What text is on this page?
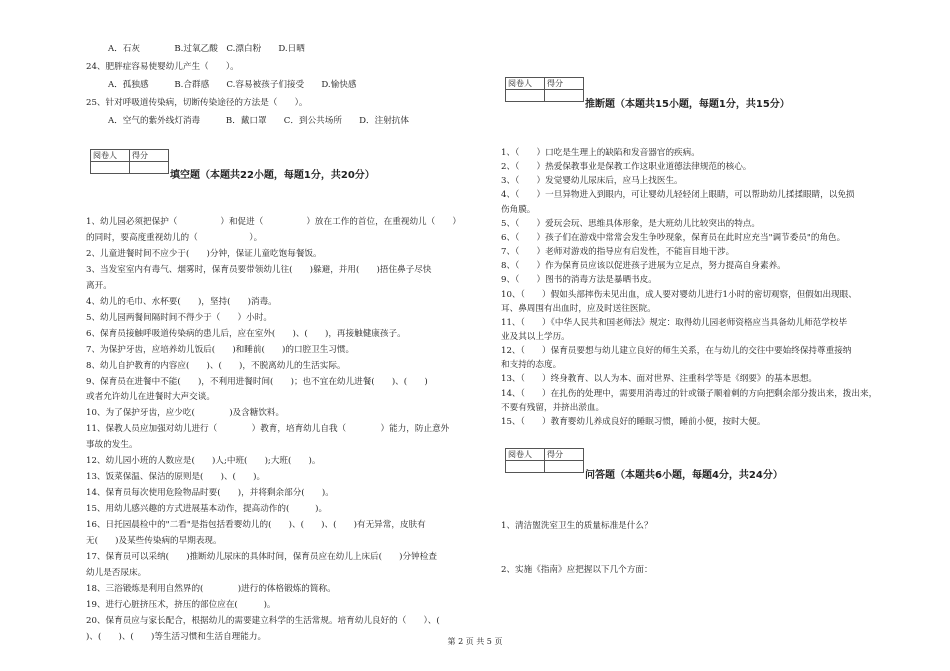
A．石灰　　　　B.过氧乙酸　C.漂白粉　　D.日晒
24、肥胖症容易使婴幼儿产生（　　）。
A．孤独感　　　B.合群感　　C.容易被孩子们接受　　D.愉快感
25、针对呼吸道传染病，切断传染途径的方法是（　　）。
A．空气的紫外线灯消毒　　　B．戴口罩　　C．到公共场所　　D．注射抗体
阅卷人	得分

填空题（本题共22小题，每题1分，共20分）
1、幼儿园必须把保护（　　　　　）和促进（　　　　　）放在工作的首位，在重视幼儿（　　）
的同时，要高度重视幼儿的（　　　　　　）。
2、儿童进餐时间不应少于(　　)分钟，保证儿童吃饱每餐饭。
3、当发室室内有毒气、烟雾时，保育员要带领幼儿往(　　)躲避，并用(　　)捂住鼻子尽快
离开。
4、幼儿的毛巾、水杯要(　　)，坚持(　　)消毒。
5、幼儿园两餐间隔时间不得少于（　　）小时。
6、保育员接触呼吸道传染病的患儿后，应在室外(　　)、(　　)，再接触健康孩子。
7、为保护牙齿，应培养幼儿饭后(　　)和睡前(　　)的口腔卫生习惯。
8、幼儿自护教育的内容应(　　)、(　　)，不脱离幼儿的生活实际。
9、保育员在进餐中不能(　　)，不利用进餐时间(　　)；也不宜在幼儿进餐(　　)、(　　)
或者允许幼儿在进餐时大声交谈。
10、为了保护牙齿，应少吃(　　　　)及含糖饮料。
11、保教人员应加强对幼儿进行（　　　　）教育，培育幼儿自我（　　　　）能力，防止意外
事故的发生。
12、幼儿园小班的人数应是(　　)人;中班(　　);大班(　　)。
13、饭菜保温、保洁的原则是(　　)、(　　)。
14、保育员每次使用危险物品时要(　　)，并将剩余部分(　　)。
15、用幼儿感兴趣的方式进展基本动作，提高动作的(　　　)。
16、日托园晨检中的"二看"是指包括看婴幼儿的(　　)、(　　)、(　　)有无异常，皮肤有
无(　　)及某些传染病的早期表现。
17、保育员可以采纳(　　)推断幼儿尿床的具体时间，保育员应在幼儿上床后(　　)分钟检查
幼儿是否尿床。
18、三浴锻炼是利用自然界的(　　　　)进行的体格锻炼的简称。
19、进行心脏挤压术，挤压的部位应在(　　　)。
20、保育员应与家长配合，根据幼儿的需要建立科学的生活常规。培育幼儿良好的（　　）、(　　
)、(　　)、(　　)等生活习惯和生活自理能力。
阅卷人	得分

推断题（本题共15小题，每题1分，共15分）
1、（　　）口吃是生理上的缺陷和发音器官的疾病。
2、（　　）热爱保教事业是保教工作这职业道德法律规范的核心。
3、（　　）发觉婴幼儿尿床后，应马上找医生。
4、（　　）一旦异物进入到眼内，可让婴幼儿轻轻闭上眼睛，可以帮助幼儿揉揉眼睛，以免损
伤角膜。
5、（　　）爱玩会玩、思维具体形象，是大班幼儿比较突出的特点。
6、（　　）孩子们在游戏中常常会发生争吵现象，保育员在此时应充当"调节委员"的角色。
7、（　　）老师对游戏的指导应有启发性，不能盲目地干涉。
8、（　　）作为保育员应该以促进孩子进展为立足点，努力提高自身素养。
9、（　　）图书的消毒方法是暴晒书皮。
10、（　　）假如头部摔伤未见出血，成人要对婴幼儿进行1小时的密切观察，但假如出现眼、
耳、鼻周围有出血时，应及时送往医院。
11、（　　）《中华人民共和国老师法》规定：取得幼儿园老师资格应当具备幼儿师范学校毕
业及其以上学历。
12、（　　）保育员要想与幼儿建立良好的师生关系，在与幼儿的交往中要始终保持尊重接纳
和支持的态度。
13、（　　）终身教育、以人为本、面对世界、注重科学等是《纲要》的基本思想。
14、（　　）在扎伤的处理中，需要用消毒过的针或镊子顺着刺的方向把剩余部分拨出来，拨出来，
不要有残留，并挤出淤血。
15、（　　）教育婴幼儿养成良好的睡眠习惯，睡前小便，按时大便。
阅卷人	得分

问答题（本题共6小题，每题4分，共24分）
1、清洁盥洗室卫生的质量标准是什么？
2、实施《指南》应把握以下几个方面：
第 2 页 共 5 页
